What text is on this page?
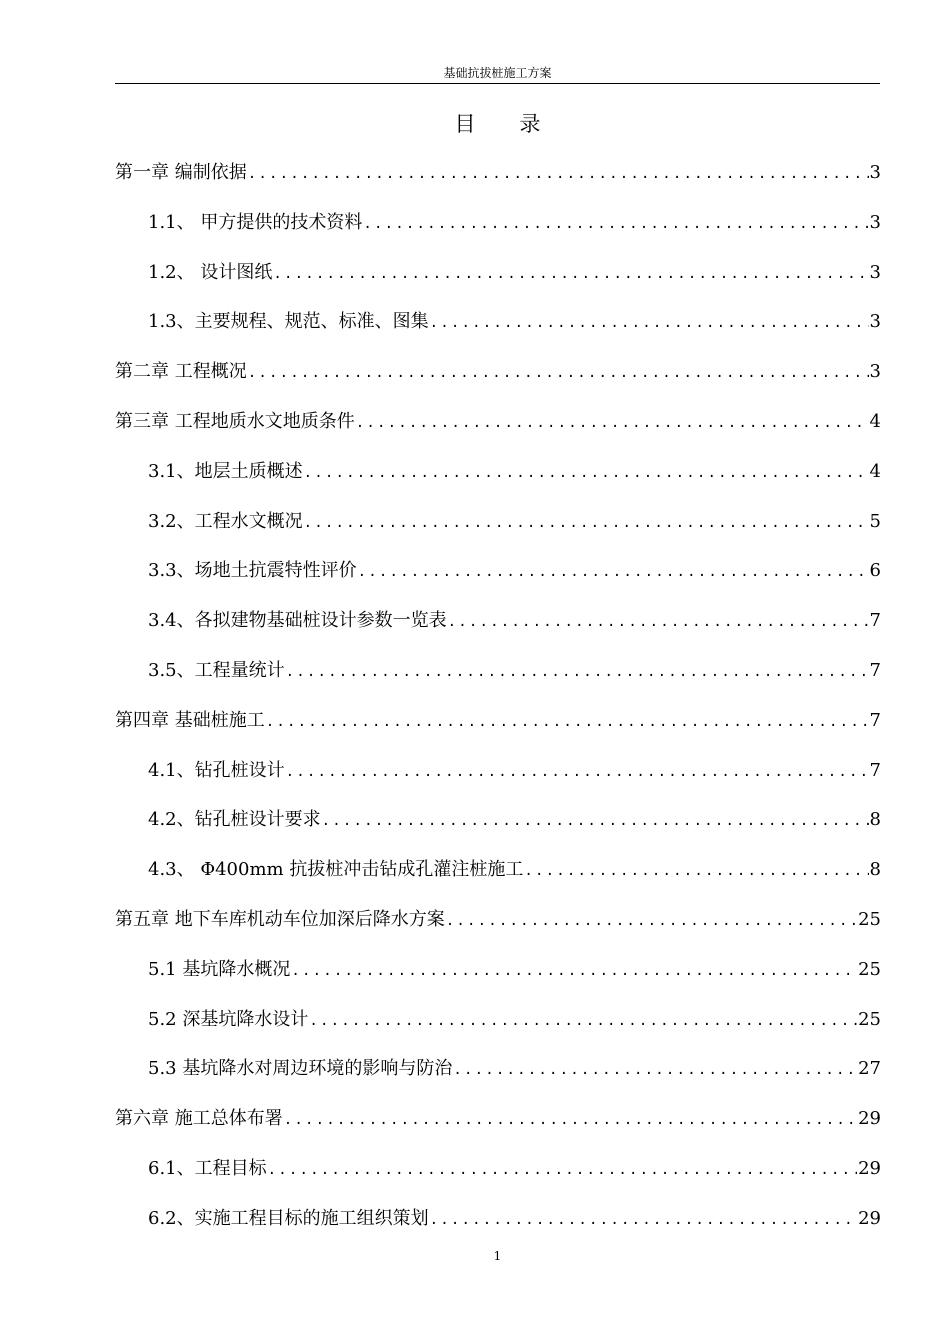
基础抗拔桩施工方案
目录
第一章 编制依据 .....	3
1.1、 甲方提供的技术资料 .....	3
1.2、 设计图纸 .....	3
1.3、主要规程、规范、标准、图集 .....	3
第二章 工程概况 .....	3
第三章 工程地质水文地质条件 .....	4
3.1、地层土质概述 .....	4
3.2、工程水文概况 .....	5
3.3、场地土抗震特性评价 .....	6
3.4、各拟建物基础桩设计参数一览表 .....	7
3.5、工程量统计 .....	7
第四章 基础桩施工 .....	7
4.1、钻孔桩设计 .....	7
4.2、钻孔桩设计要求 .....	8
4.3、 Φ400mm 抗拔桩冲击钻成孔灌注桩施工 .....	8
第五章 地下车库机动车位加深后降水方案 .....	25
5.1 基坑降水概况 .....	25
5.2 深基坑降水设计 .....	25
5.3 基坑降水对周边环境的影响与防治 .....	27
第六章 施工总体布署 .....	29
6.1、工程目标 .....	29
6.2、实施工程目标的施工组织策划 .....	29
1
